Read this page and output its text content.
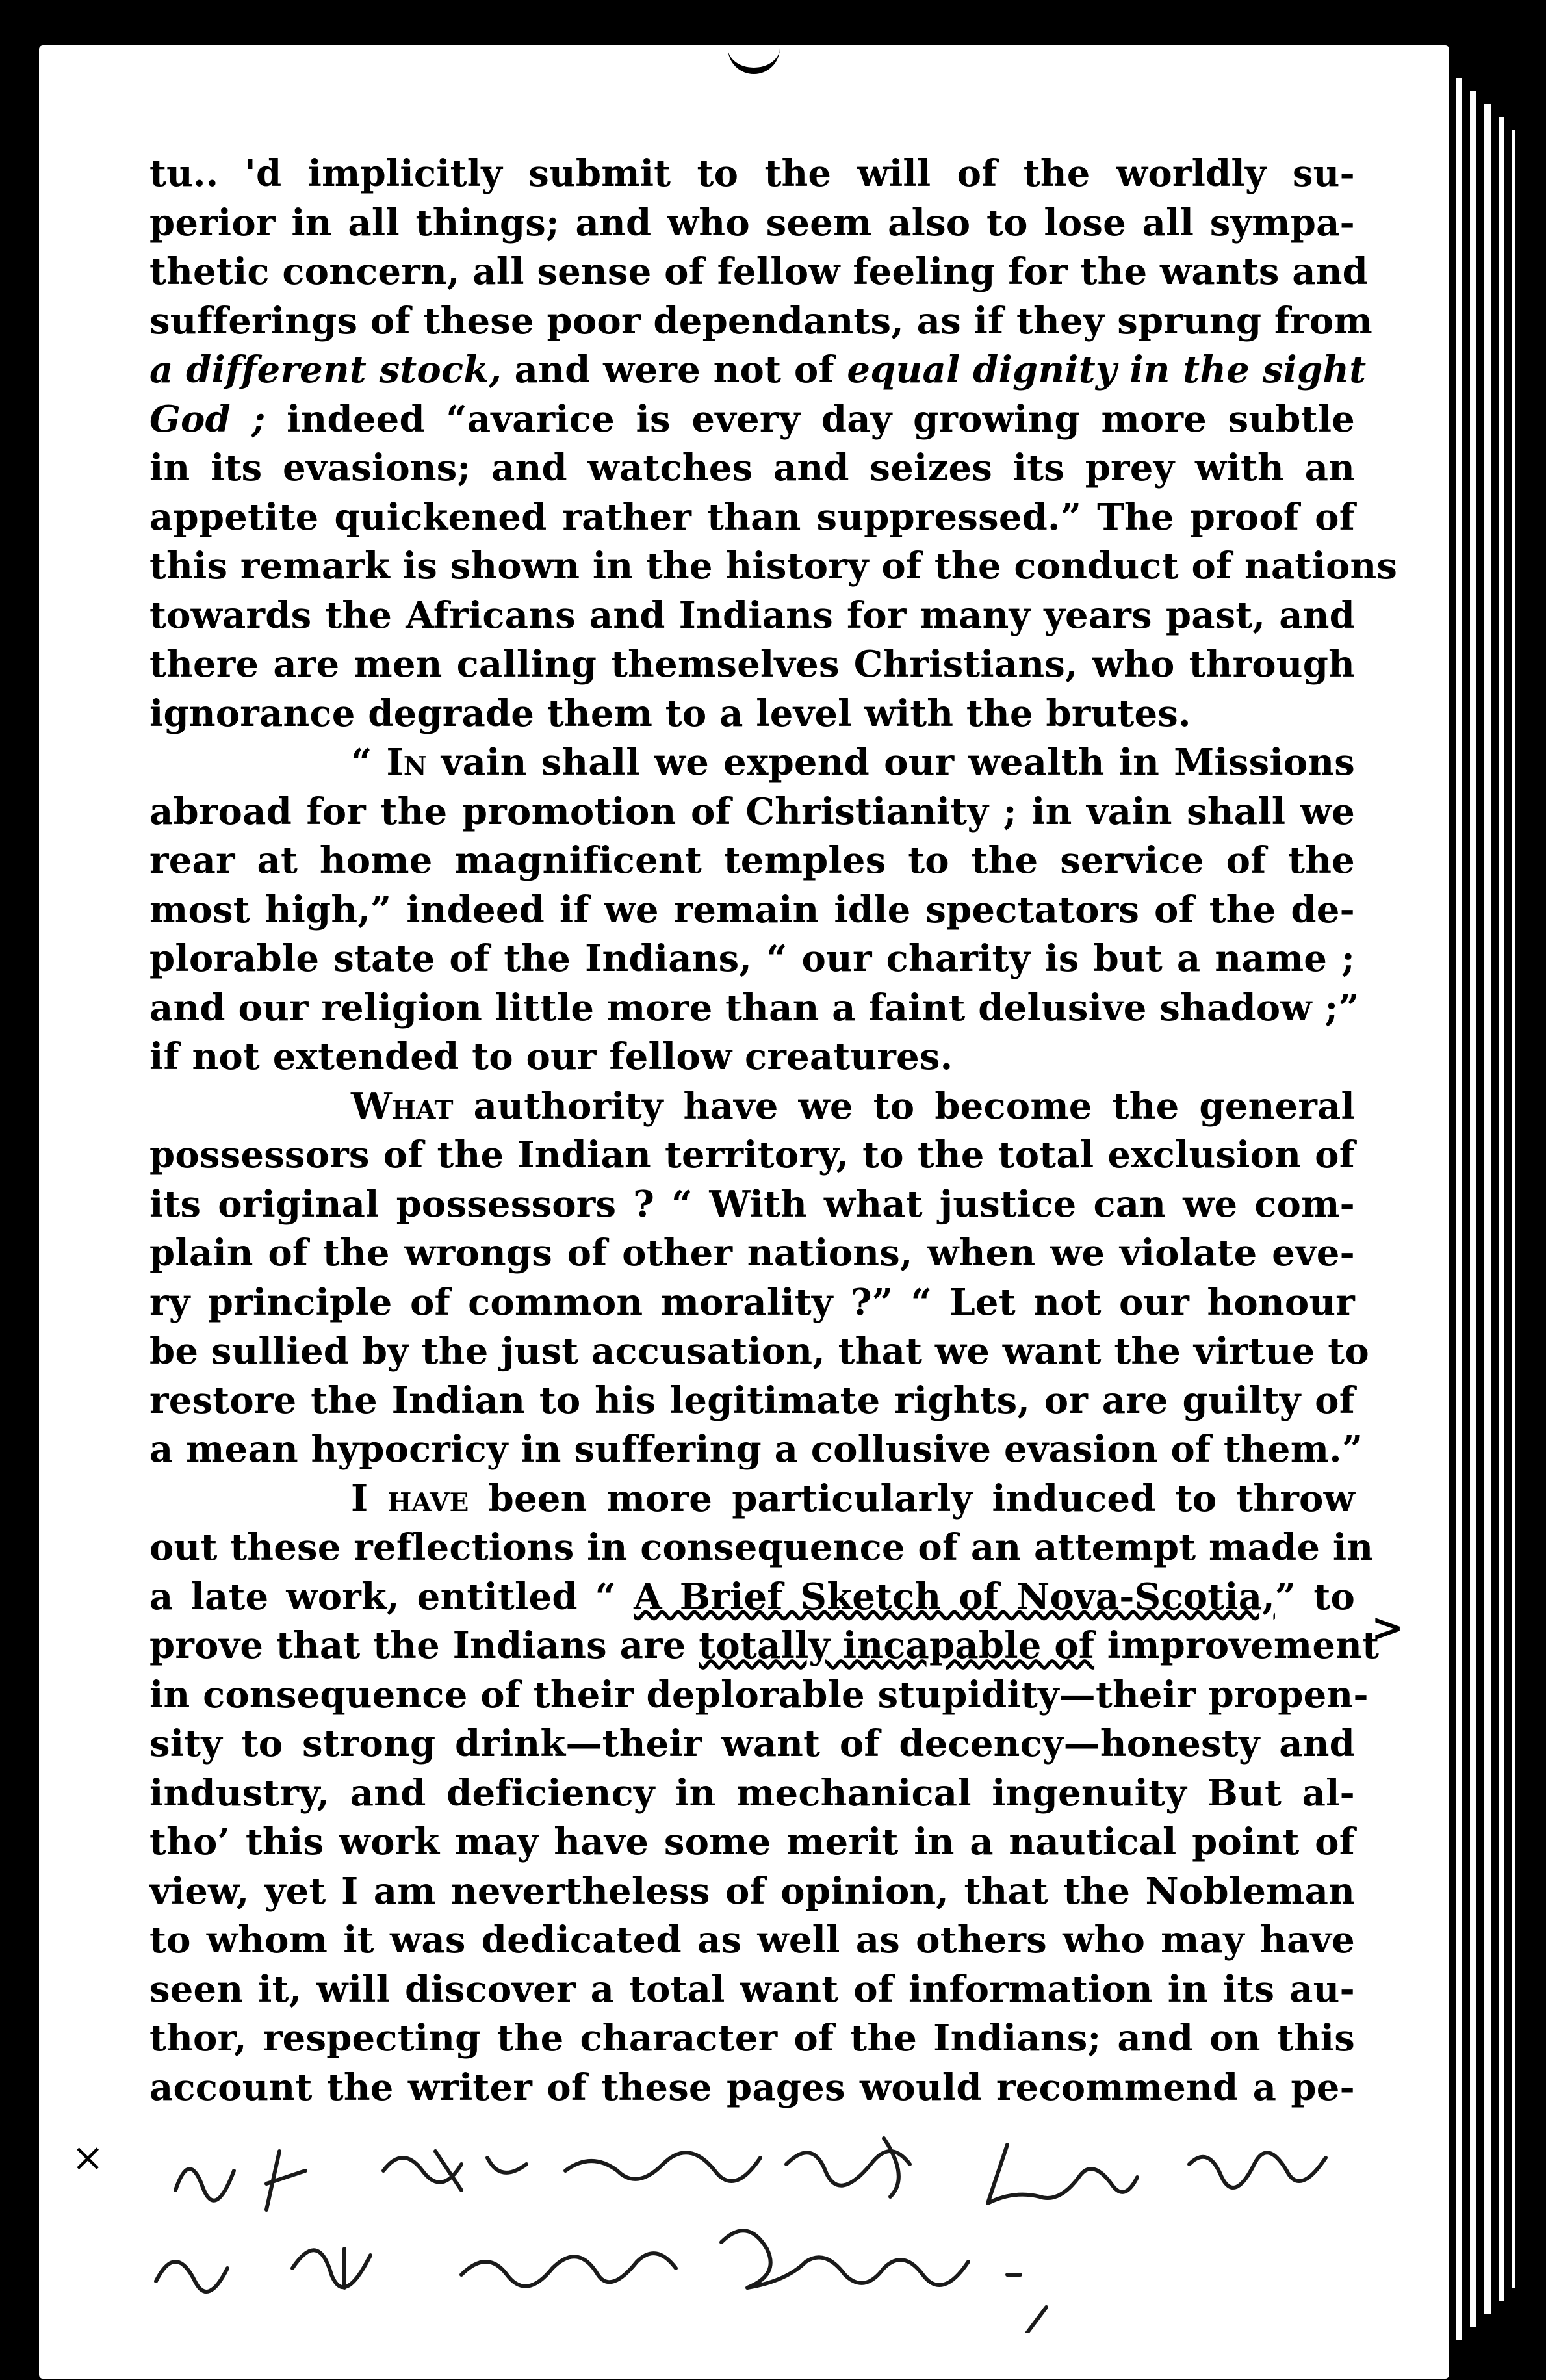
tu.. 'd implicitly submit to the will of the worldly su-
perior in all things; and who seem also to lose all sympa-
thetic concern, all sense of fellow feeling for the wants and
sufferings of these poor dependants, as if they sprung from
a different stock, and were not of equal dignity in the sight
God ; indeed “avarice is every day growing more subtle
in its evasions; and watches and seizes its prey with an
appetite quickened rather than suppressed.” The proof of
this remark is shown in the history of the conduct of nations
towards the Africans and Indians for many years past, and
there are men calling themselves Christians, who through
ignorance degrade them to a level with the brutes.
“ In vain shall we expend our wealth in Missions
abroad for the promotion of Christianity ; in vain shall we
rear at home magnificent temples to the service of the
most high,” indeed if we remain idle spectators of the de-
plorable state of the Indians, “ our charity is but a name ;
and our religion little more than a faint delusive shadow ;”
if not extended to our fellow creatures.
What authority have we to become the general
possessors of the Indian territory, to the total exclusion of
its original possessors ? “ With what justice can we com-
plain of the wrongs of other nations, when we violate eve-
ry principle of common morality ?” “ Let not our honour
be sullied by the just accusation, that we want the virtue to
restore the Indian to his legitimate rights, or are guilty of
a mean hypocricy in suffering a collusive evasion of them.”
I have been more particularly induced to throw
out these reflections in consequence of an attempt made in
a late work, entitled “ A Brief Sketch of Nova-Scotia,” to
prove that the Indians are totally incapable of improvement
in consequence of their deplorable stupidity—their propen-
sity to strong drink—their want of decency—honesty and
industry, and deficiency in mechanical ingenuity But al-
tho’ this work may have some merit in a nautical point of
view, yet I am nevertheless of opinion, that the Nobleman
to whom it was dedicated as well as others who may have
seen it, will discover a total want of information in its au-
thor, respecting the character of the Indians; and on this
account the writer of these pages would recommend a pe-
>
×
